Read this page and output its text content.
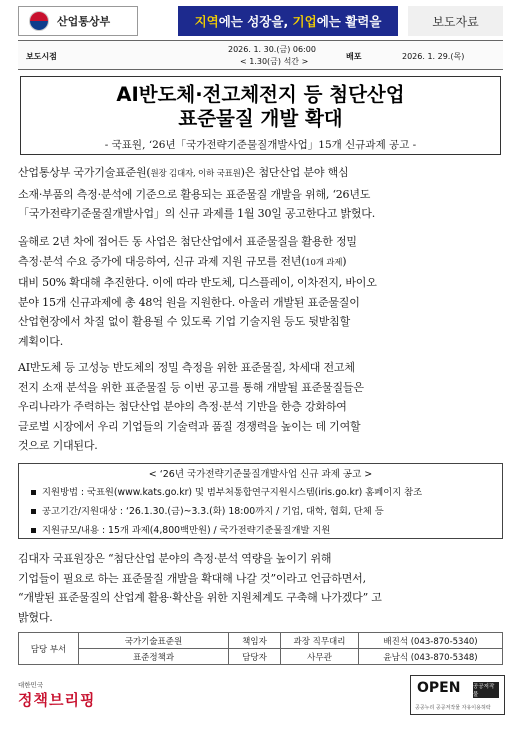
산업통상부	지역에는 성장을, 기업에는 활력을	보도자료
보도시점
2026. 1. 30.(금) 06:00
< 1.30(금) 석간 >
배포	2026. 1. 29.(목)
AI반도체·전고체전지 등 첨단산업
표준물질 개발 확대
- 국표원, ‘26년「국가전략기준물질개발사업」15개 신규과제 공고 -
산업통상부 국가기술표준원(원장 김대자, 이하 국표원)은 첨단산업 분야 핵심
소재·부품의 측정·분석에 기준으로 활용되는 표준물질 개발을 위해, ‘26년도
「국가전략기준물질개발사업」의 신규 과제를 1월 30일 공고한다고 밝혔다.
올해로 2년 차에 접어든 동 사업은 첨단산업에서 표준물질을 활용한 정밀
측정·분석 수요 증가에 대응하여, 신규 과제 지원 규모를 전년(10개 과제)
대비 50% 확대해 추진한다. 이에 따라 반도체, 디스플레이, 이차전지, 바이오
분야 15개 신규과제에 총 48억 원을 지원한다. 아울러 개발된 표준물질이
산업현장에서 차질 없이 활용될 수 있도록 기업 기술지원 등도 뒷받침할
계획이다.
AI반도체 등 고성능 반도체의 정밀 측정을 위한 표준물질, 차세대 전고체
전지 소재 분석을 위한 표준물질 등 이번 공고를 통해 개발될 표준물질들은
우리나라가 주력하는 첨단산업 분야의 측정·분석 기반을 한층 강화하여
글로벌 시장에서 우리 기업들의 기술력과 품질 경쟁력을 높이는 데 기여할
것으로 기대된다.
< ‘26년 국가전략기준물질개발사업 신규 과제 공고 >
지원방법 : 국표원(www.kats.go.kr) 및 범부처통합연구지원시스템(iris.go.kr) 홈페이지 참조
공고기간/지원대상 : ‘26.1.30.(금)~3.3.(화) 18:00까지 / 기업, 대학, 협회, 단체 등
지원규모/내용 : 15개 과제(4,800백만원) / 국가전략기준물질개발 지원
김대자 국표원장은 “첨단산업 분야의 측정·분석 역량을 높이기 위해
기업들이 필요로 하는 표준물질 개발을 확대해 나갈 것”이라고 언급하면서,
“개발된 표준물질의 산업계 활용·확산을 위한 지원체계도 구축해 나가겠다” 고
밝혔다.
담당 부서	국가기술표준원	책임자	과장 직무대리	배진석 (043-870-5340)
	표준정책과	담당자	사무관	윤남식 (043-870-5348)
대한민국
정책브리핑
OPEN 공공저작물
공공누리 공공저작물 자유이용허락
